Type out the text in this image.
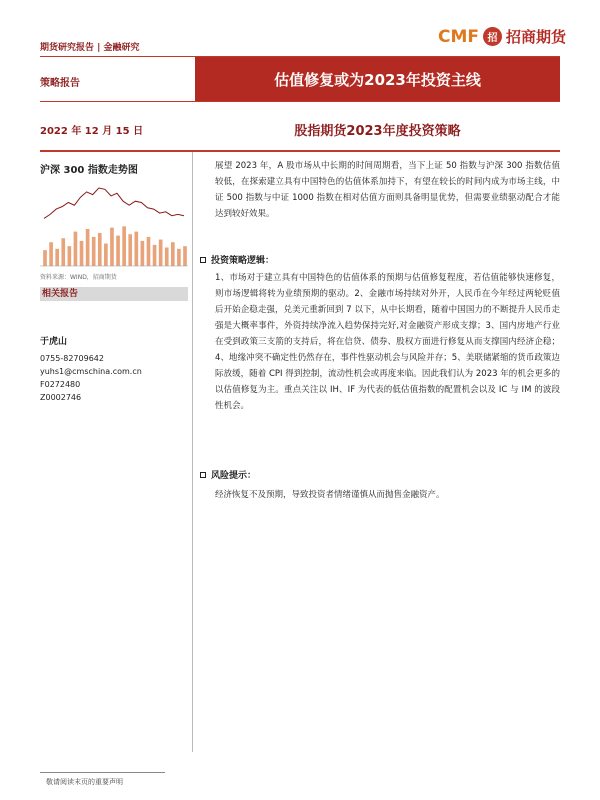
期货研究报告 | 金融研究
CMF 招 招商期货
策略报告	估值修复或为2023年投资主线
2022 年 12 月 15 日	股指期货2023年度投资策略
沪深 300 指数走势图
资料来源：WIND，招商期货
相关报告
于虎山
0755-82709642
yuhs1@cmschina.com.cn
F0272480
Z0002746
展望 2023 年，A 股市场从中长期的时间周期看，当下上证 50 指数与沪深 300 指数估值较低，在探索建立具有中国特色的估值体系加持下，有望在较长的时间内成为市场主线，中证 500 指数与中证 1000 指数在相对估值方面则具备明显优势，但需要业绩驱动配合才能达到较好效果。
投资策略逻辑：
1、市场对于建立具有中国特色的估值体系的预期与估值修复程度，若估值能够快速修复，则市场逻辑将转为业绩预期的驱动。2、金融市场持续对外开，人民币在今年经过两轮贬值后开始企稳走强，兑美元重新回到 7 以下，从中长期看，随着中国国力的不断提升人民币走强是大概率事件，外资持续净流入趋势保持完好,对金融资产形成支撑；3、国内房地产行业在受到政策三支箭的支持后，将在信贷、债券、股权方面进行修复从而支撑国内经济企稳；4、地缘冲突不确定性仍然存在，事件性驱动机会与风险并存；5、美联储紧缩的货币政策边际放缓，随着 CPI 得到控制，流动性机会或再度来临。因此我们认为 2023 年的机会更多的以估值修复为主。重点关注以 IH、IF 为代表的低估值指数的配置机会以及 IC 与 IM 的波段性机会。
风险提示：
经济恢复不及预期，导致投资者情绪谨慎从而抛售金融资产。
敬请阅读末页的重要声明
